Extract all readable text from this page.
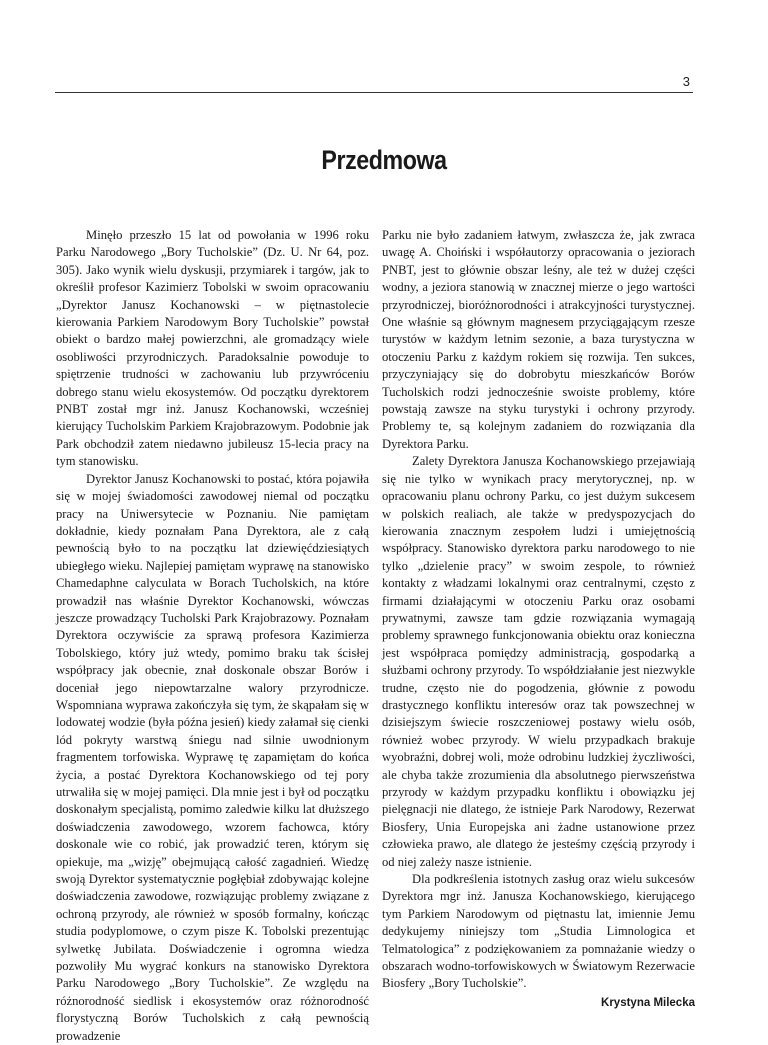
3
Przedmowa

Minęło przeszło 15 lat od powołania w 1996 roku Parku Narodowego „Bory Tucholskie” (Dz. U. Nr 64, poz. 305). Jako wynik wielu dyskusji, przymiarek i targów, jak to określił profesor Kazimierz Tobolski w swoim opracowaniu „Dyrektor Janusz Kochanowski – w piętnastolecie kierowania Parkiem Narodowym Bory Tucholskie” powstał obiekt o bardzo małej powierzchni, ale gromadzący wiele osobliwości przyrodniczych. Paradoksalnie powoduje to spiętrzenie trudności w zachowaniu lub przywróceniu dobrego stanu wielu ekosystemów. Od początku dyrektorem PNBT został mgr inż. Janusz Kochanowski, wcześniej kierujący Tucholskim Parkiem Krajobrazowym. Podobnie jak Park obchodził zatem niedawno jubileusz 15-lecia pracy na tym stanowisku.

Dyrektor Janusz Kochanowski to postać, która pojawiła się w mojej świadomości zawodowej niemal od początku pracy na Uniwersytecie w Poznaniu. Nie pamiętam dokładnie, kiedy poznałam Pana Dyrektora, ale z całą pewnością było to na początku lat dziewięćdziesiątych ubiegłego wieku. Najlepiej pamiętam wyprawę na stanowisko Chamedaphne calyculata w Borach Tucholskich, na które prowadził nas właśnie Dyrektor Kochanowski, wówczas jeszcze prowadzący Tucholski Park Krajobrazowy. Poznałam Dyrektora oczywiście za sprawą profesora Kazimierza Tobolskiego, który już wtedy, pomimo braku tak ścisłej współpracy jak obecnie, znał doskonale obszar Borów i doceniał jego niepowtarzalne walory przyrodnicze. Wspomniana wyprawa zakończyła się tym, że skąpałam się w lodowatej wodzie (była późna jesień) kiedy załamał się cienki lód pokryty warstwą śniegu nad silnie uwodnionym fragmentem torfowiska. Wyprawę tę zapamiętam do końca życia, a postać Dyrektora Kochanowskiego od tej pory utrwaliła się w mojej pamięci. Dla mnie jest i był od początku doskonałym specjalistą, pomimo zaledwie kilku lat dłuższego doświadczenia zawodowego, wzorem fachowca, który doskonale wie co robić, jak prowadzić teren, którym się opiekuje, ma „wizję” obejmującą całość zagadnień. Wiedzę swoją Dyrektor systematycznie pogłębiał zdobywając kolejne doświadczenia zawodowe, rozwiązując problemy związane z ochroną przyrody, ale również w sposób formalny, kończąc studia podyplomowe, o czym pisze K. Tobolski prezentując sylwetkę Jubilata. Doświadczenie i ogromna wiedza pozwoliły Mu wygrać konkurs na stanowisko Dyrektora Parku Narodowego „Bory Tucholskie”. Ze względu na różnorodność siedlisk i ekosystemów oraz różnorodność florystyczną Borów Tucholskich z całą pewnością prowadzenie

Parku nie było zadaniem łatwym, zwłaszcza że, jak zwraca uwagę A. Choiński i współautorzy opracowania o jeziorach PNBT, jest to głównie obszar leśny, ale też w dużej części wodny, a jeziora stanowią w znacznej mierze o jego wartości przyrodniczej, bioróżnorodności i atrakcyjności turystycznej. One właśnie są głównym magnesem przyciągającym rzesze turystów w każdym letnim sezonie, a baza turystyczna w otoczeniu Parku z każdym rokiem się rozwija. Ten sukces, przyczyniający się do dobrobytu mieszkańców Borów Tucholskich rodzi jednocześnie swoiste problemy, które powstają zawsze na styku turystyki i ochrony przyrody. Problemy te, są kolejnym zadaniem do rozwiązania dla Dyrektora Parku.

Zalety Dyrektora Janusza Kochanowskiego przejawiają się nie tylko w wynikach pracy merytorycznej, np. w opracowaniu planu ochrony Parku, co jest dużym sukcesem w polskich realiach, ale także w predyspozycjach do kierowania znacznym zespołem ludzi i umiejętnością współpracy. Stanowisko dyrektora parku narodowego to nie tylko „dzielenie pracy” w swoim zespole, to również kontakty z władzami lokalnymi oraz centralnymi, często z firmami działającymi w otoczeniu Parku oraz osobami prywatnymi, zawsze tam gdzie rozwiązania wymagają problemy sprawnego funkcjonowania obiektu oraz konieczna jest współpraca pomiędzy administracją, gospodarką a służbami ochrony przyrody. To współdziałanie jest niezwykle trudne, często nie do pogodzenia, głównie z powodu drastycznego konfliktu interesów oraz tak powszechnej w dzisiejszym świecie roszczeniowej postawy wielu osób, również wobec przyrody. W wielu przypadkach brakuje wyobraźni, dobrej woli, może odrobinu ludzkiej życzliwości, ale chyba także zrozumienia dla absolutnego pierwszeństwa przyrody w każdym przypadku konfliktu i obowiązku jej pielęgnacji nie dlatego, że istnieje Park Narodowy, Rezerwat Biosfery, Unia Europejska ani żadne ustanowione przez człowieka prawo, ale dlatego że jesteśmy częścią przyrody i od niej zależy nasze istnienie.

Dla podkreślenia istotnych zasług oraz wielu sukcesów Dyrektora mgr inż. Janusza Kochanowskiego, kierującego tym Parkiem Narodowym od piętnastu lat, imiennie Jemu dedykujemy niniejszy tom „Studia Limnologica et Telmatologica” z podziękowaniem za pomnażanie wiedzy o obszarach wodno-torfowiskowych w Światowym Rezerwacie Biosfery „Bory Tucholskie”.

Krystyna Milecka
